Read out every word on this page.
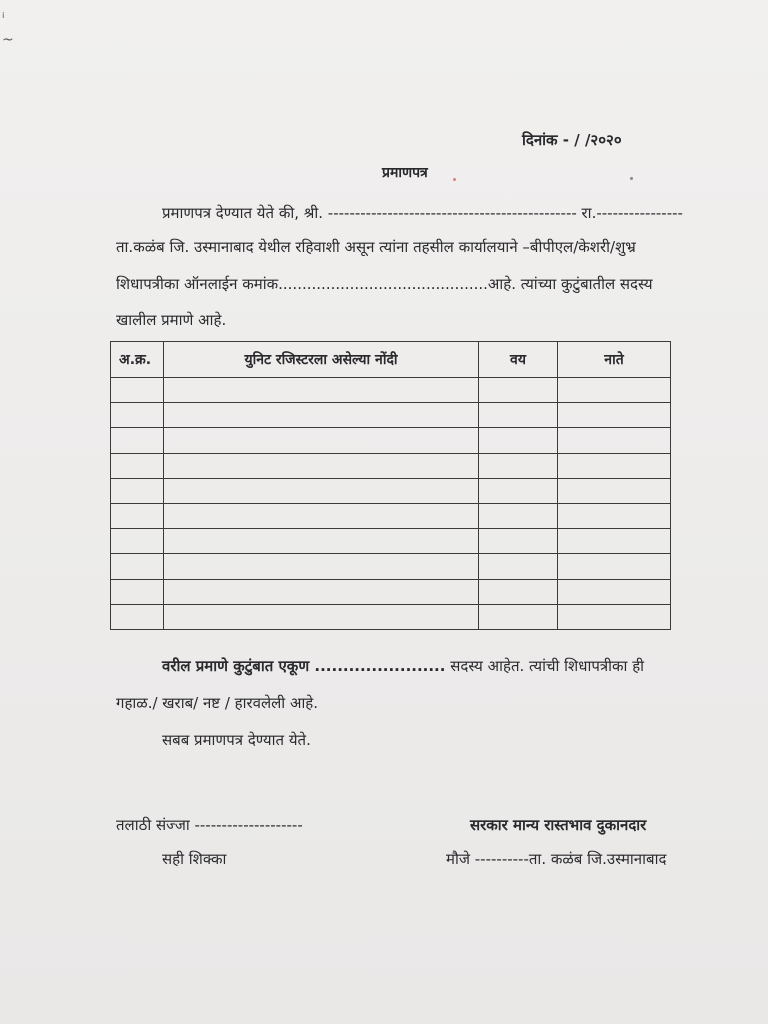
ᵢ
~
दिनांक - / /२०२०
प्रमाणपत्र
प्रमाणपत्र देण्यात येते की, श्री. ---------------------------------------------- रा.----------------
ता.कळंब जि. उस्मानाबाद येथील रहिवाशी असून त्यांना तहसील कार्यालयाने –बीपीएल/केशरी/शुभ्र
शिधापत्रीका ऑनलाईन कमांक............................................आहे. त्यांच्या कुटुंबातील सदस्य
खालील प्रमाणे आहे.
अ.क्र.	युनिट रजिस्टरला असेल्या नोंदी	वय	नाते

वरील प्रमाणे कुटुंबात एकूण ....................... सदस्य आहेत. त्यांची शिधापत्रीका ही
गहाळ./ खराब/ नष्ट / हारवलेली आहे.
सबब प्रमाणपत्र देण्यात येते.
तलाठी संज्जा --------------------	सरकार मान्य रास्तभाव दुकानदार
सही शिक्का	मौजे ----------ता. कळंब जि.उस्मानाबाद
